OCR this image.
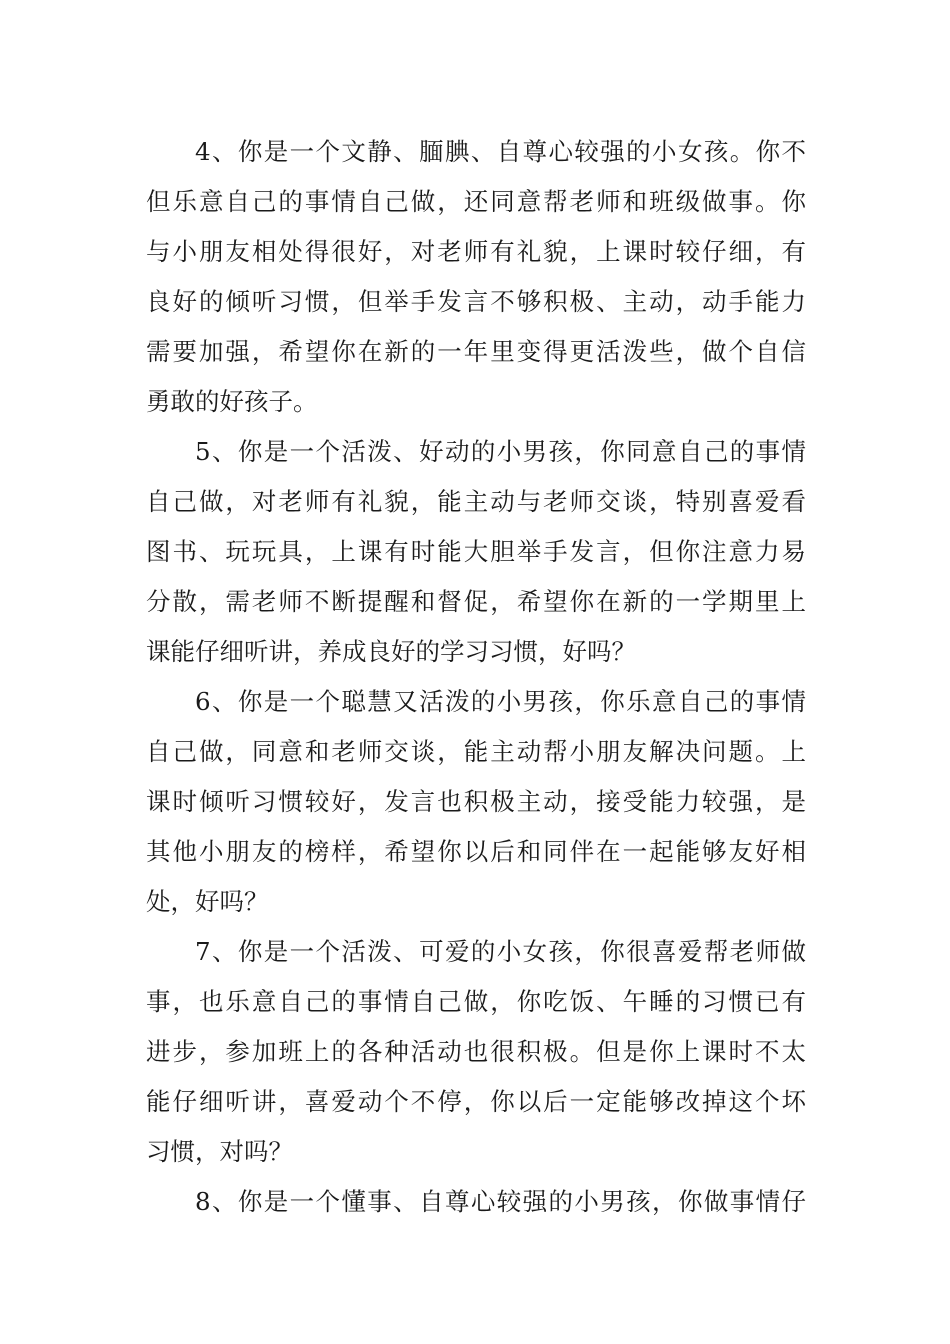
4、你是一个文静、腼腆、自尊心较强的小女孩。你不
但乐意自己的事情自己做，还同意帮老师和班级做事。你
与小朋友相处得很好，对老师有礼貌，上课时较仔细，有
良好的倾听习惯，但举手发言不够积极、主动，动手能力
需要加强，希望你在新的一年里变得更活泼些，做个自信
勇敢的好孩子。
5、你是一个活泼、好动的小男孩，你同意自己的事情
自己做，对老师有礼貌，能主动与老师交谈，特别喜爱看
图书、玩玩具，上课有时能大胆举手发言，但你注意力易
分散，需老师不断提醒和督促，希望你在新的一学期里上
课能仔细听讲，养成良好的学习习惯，好吗？
6、你是一个聪慧又活泼的小男孩，你乐意自己的事情
自己做，同意和老师交谈，能主动帮小朋友解决问题。上
课时倾听习惯较好，发言也积极主动，接受能力较强，是
其他小朋友的榜样，希望你以后和同伴在一起能够友好相
处，好吗？
7、你是一个活泼、可爱的小女孩，你很喜爱帮老师做
事，也乐意自己的事情自己做，你吃饭、午睡的习惯已有
进步，参加班上的各种活动也很积极。但是你上课时不太
能仔细听讲，喜爱动个不停，你以后一定能够改掉这个坏
习惯，对吗？
8、你是一个懂事、自尊心较强的小男孩，你做事情仔
